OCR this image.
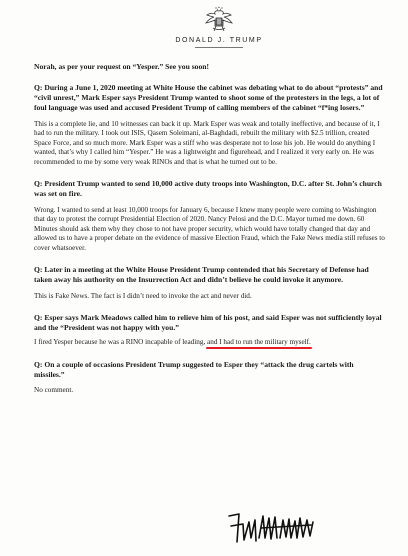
DONALD J. TRUMP

Norah, as per your request on “Yesper.” See you soon!

Q: During a June 1, 2020 meeting at White House the cabinet was debating what to do about “protests” and “civil unrest,” Mark Esper says President Trump wanted to shoot some of the protesters in the legs, a lot of foul language was used and accused President Trump of calling members of the cabinet “f*ing losers.”

This is a complete lie, and 10 witnesses can back it up. Mark Esper was weak and totally ineffective, and because of it, I had to run the military. I took out ISIS, Qasem Soleimani, al-Baghdadi, rebuilt the military with $2.5 trillion, created Space Force, and so much more. Mark Esper was a stiff who was desperate not to lose his job. He would do anything I wanted, that’s why I called him “Yesper.” He was a lightweight and figurehead, and I realized it very early on. He was recommended to me by some very weak RINOs and that is what he turned out to be.

Q: President Trump wanted to send 10,000 active duty troops into Washington, D.C. after St. John’s church was set on fire.

Wrong. I wanted to send at least 10,000 troops for January 6, because I knew many people were coming to Washington that day to protest the corrupt Presidential Election of 2020. Nancy Pelosi and the D.C. Mayor turned me down. 60 Minutes should ask them why they chose to not have proper security, which would have totally changed that day and allowed us to have a proper debate on the evidence of massive Election Fraud, which the Fake News media still refuses to cover whatsoever.

Q: Later in a meeting at the White House President Trump contended that his Secretary of Defense had taken away his authority on the Insurrection Act and didn’t believe he could invoke it anymore.

This is Fake News. The fact is I didn’t need to invoke the act and never did.

Q: Esper says Mark Meadows called him to relieve him of his post, and said Esper was not sufficiently loyal and the “President was not happy with you.”

I fired Yesper because he was a RINO incapable of leading, and I had to run the military myself.

Q: On a couple of occasions President Trump suggested to Esper they “attack the drug cartels with missiles.”

No comment.
